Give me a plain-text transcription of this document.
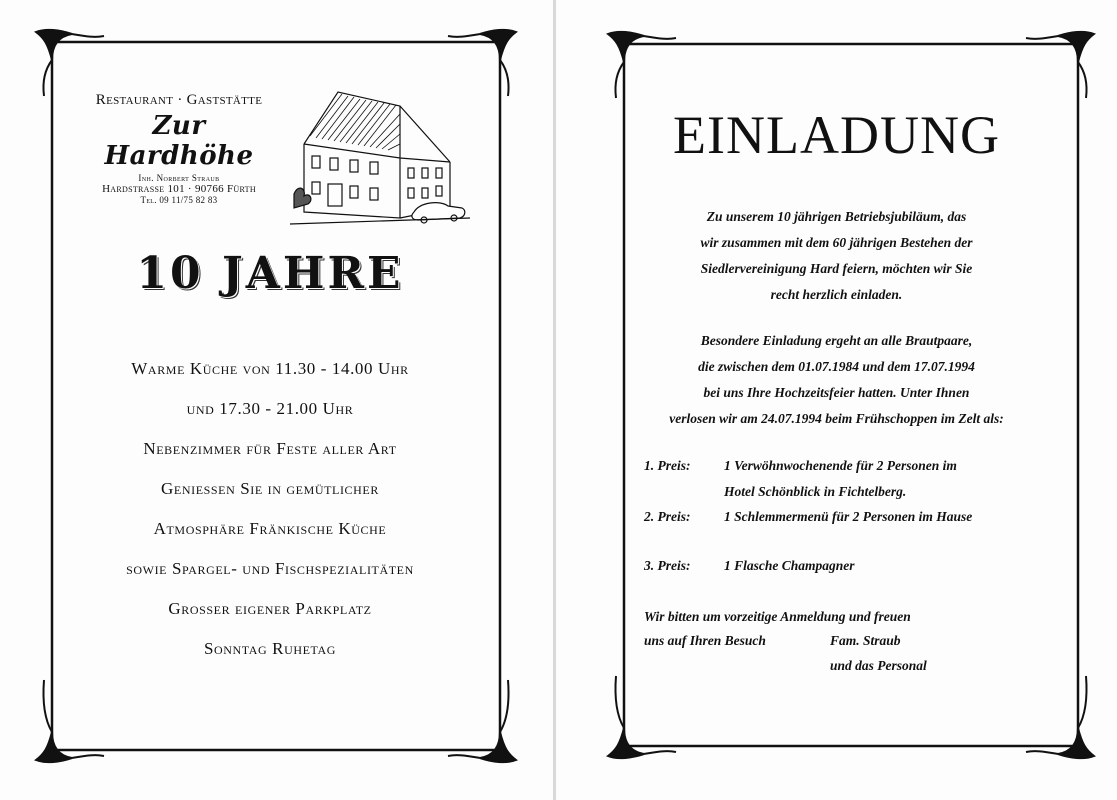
Restaurant · Gaststätte
Zur Hardhöhe
Inh. Norbert Straub
Hardstrasse 101 · 90766 Fürth
Tel. 09 11/75 82 83
10 JAHRE
Warme Küche von 11.30 - 14.00 Uhr
und 17.30 - 21.00 Uhr
Nebenzimmer für Feste aller Art
Geniessen Sie in gemütlicher
Atmosphäre Fränkische Küche
sowie Spargel- und Fischspezialitäten
Grosser eigener Parkplatz
Sonntag Ruhetag
EINLADUNG
Zu unserem 10 jährigen Betriebsjubiläum, das
wir zusammen mit dem 60 jährigen Bestehen der
Siedlervereinigung Hard feiern, möchten wir Sie
recht herzlich einladen.
Besondere Einladung ergeht an alle Brautpaare,
die zwischen dem 01.07.1984 und dem 17.07.1994
bei uns Ihre Hochzeitsfeier hatten. Unter Ihnen
verlosen wir am 24.07.1994 beim Frühschoppen im Zelt als:
1. Preis: 1 Verwöhnwochenende für 2 Personen im
Hotel Schönblick in Fichtelberg.
2. Preis: 1 Schlemmermenü für 2 Personen im Hause
3. Preis: 1 Flasche Champagner
Wir bitten um vorzeitige Anmeldung und freuen
uns auf Ihren Besuch	Fam. Straub
und das Personal
